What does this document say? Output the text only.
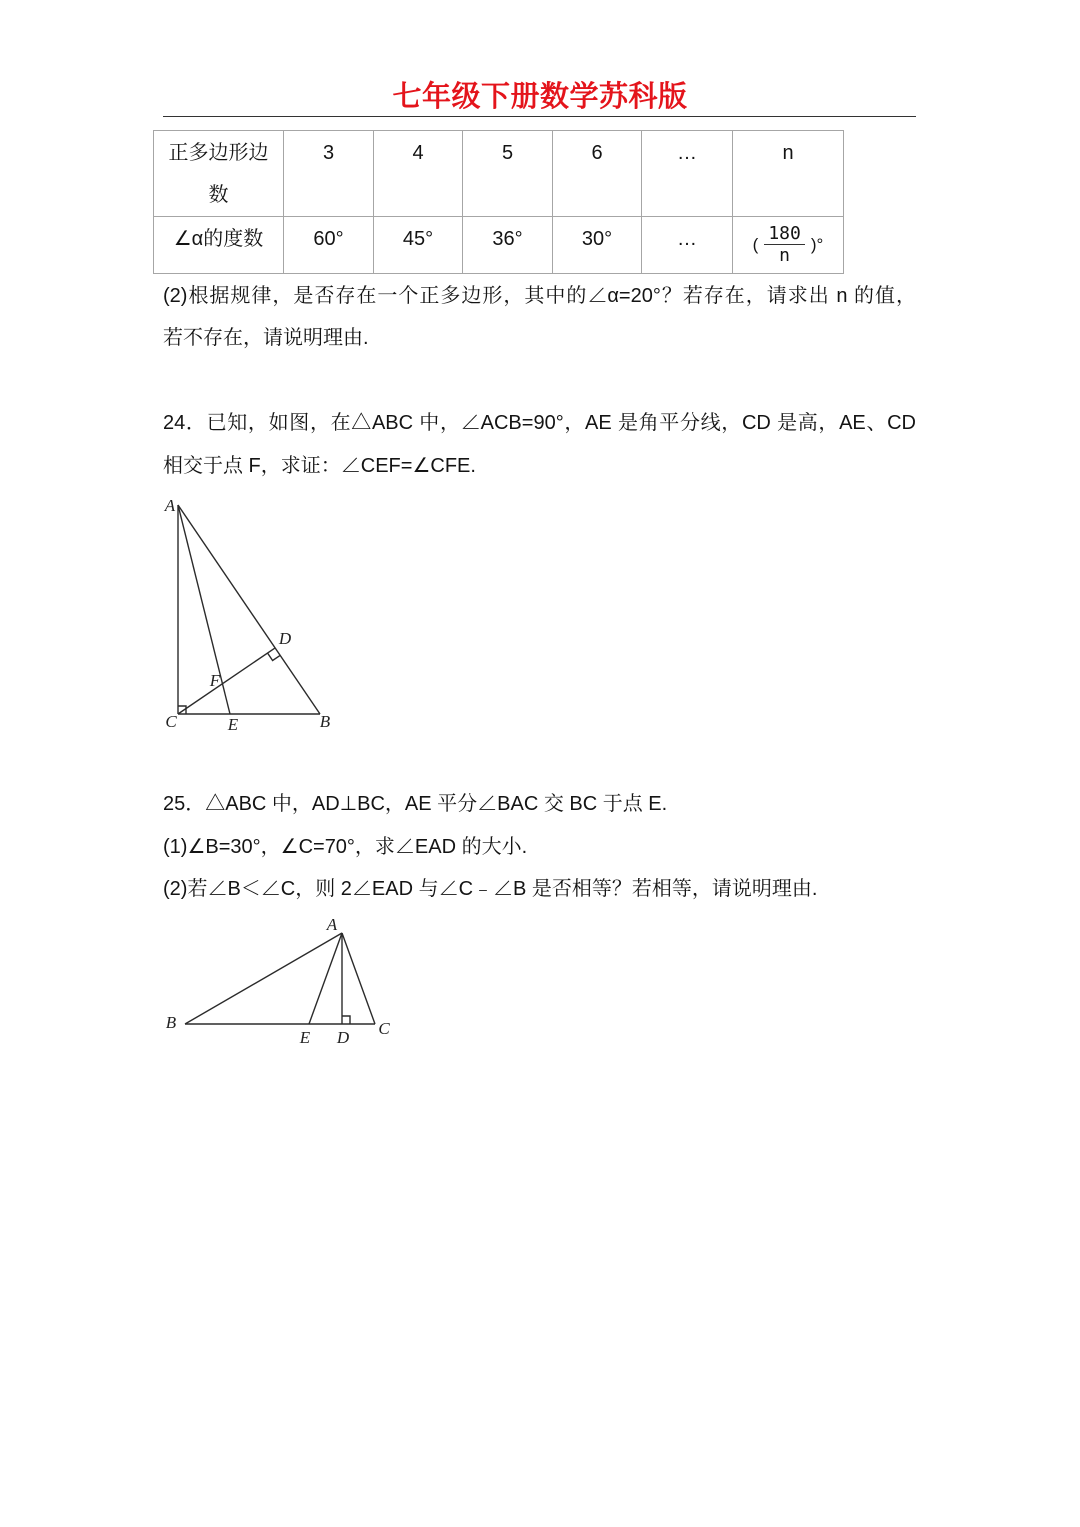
七年级下册数学苏科版
正多边形边数	3	4	5	6	…	n
∠α的度数	60°	45°	36°	30°	…	( $\frac{180}{n}$ )°
(2)根据规律，是否存在一个正多边形，其中的∠α=20°？若存在，请求出 n 的值，
若不存在，请说明理由.
24．已知，如图，在△ABC 中，∠ACB=90°，AE 是角平分线，CD 是高，AE、CD
相交于点 F，求证：∠CEF=∠CFE.
A
D
F
C	E	B
25．△ABC 中，AD⊥BC，AE 平分∠BAC 交 BC 于点 E.
(1)∠B=30°，∠C=70°，求∠EAD 的大小.
(2)若∠B＜∠C，则 2∠EAD 与∠C﹣∠B 是否相等？若相等，请说明理由.
A
B
E D C
